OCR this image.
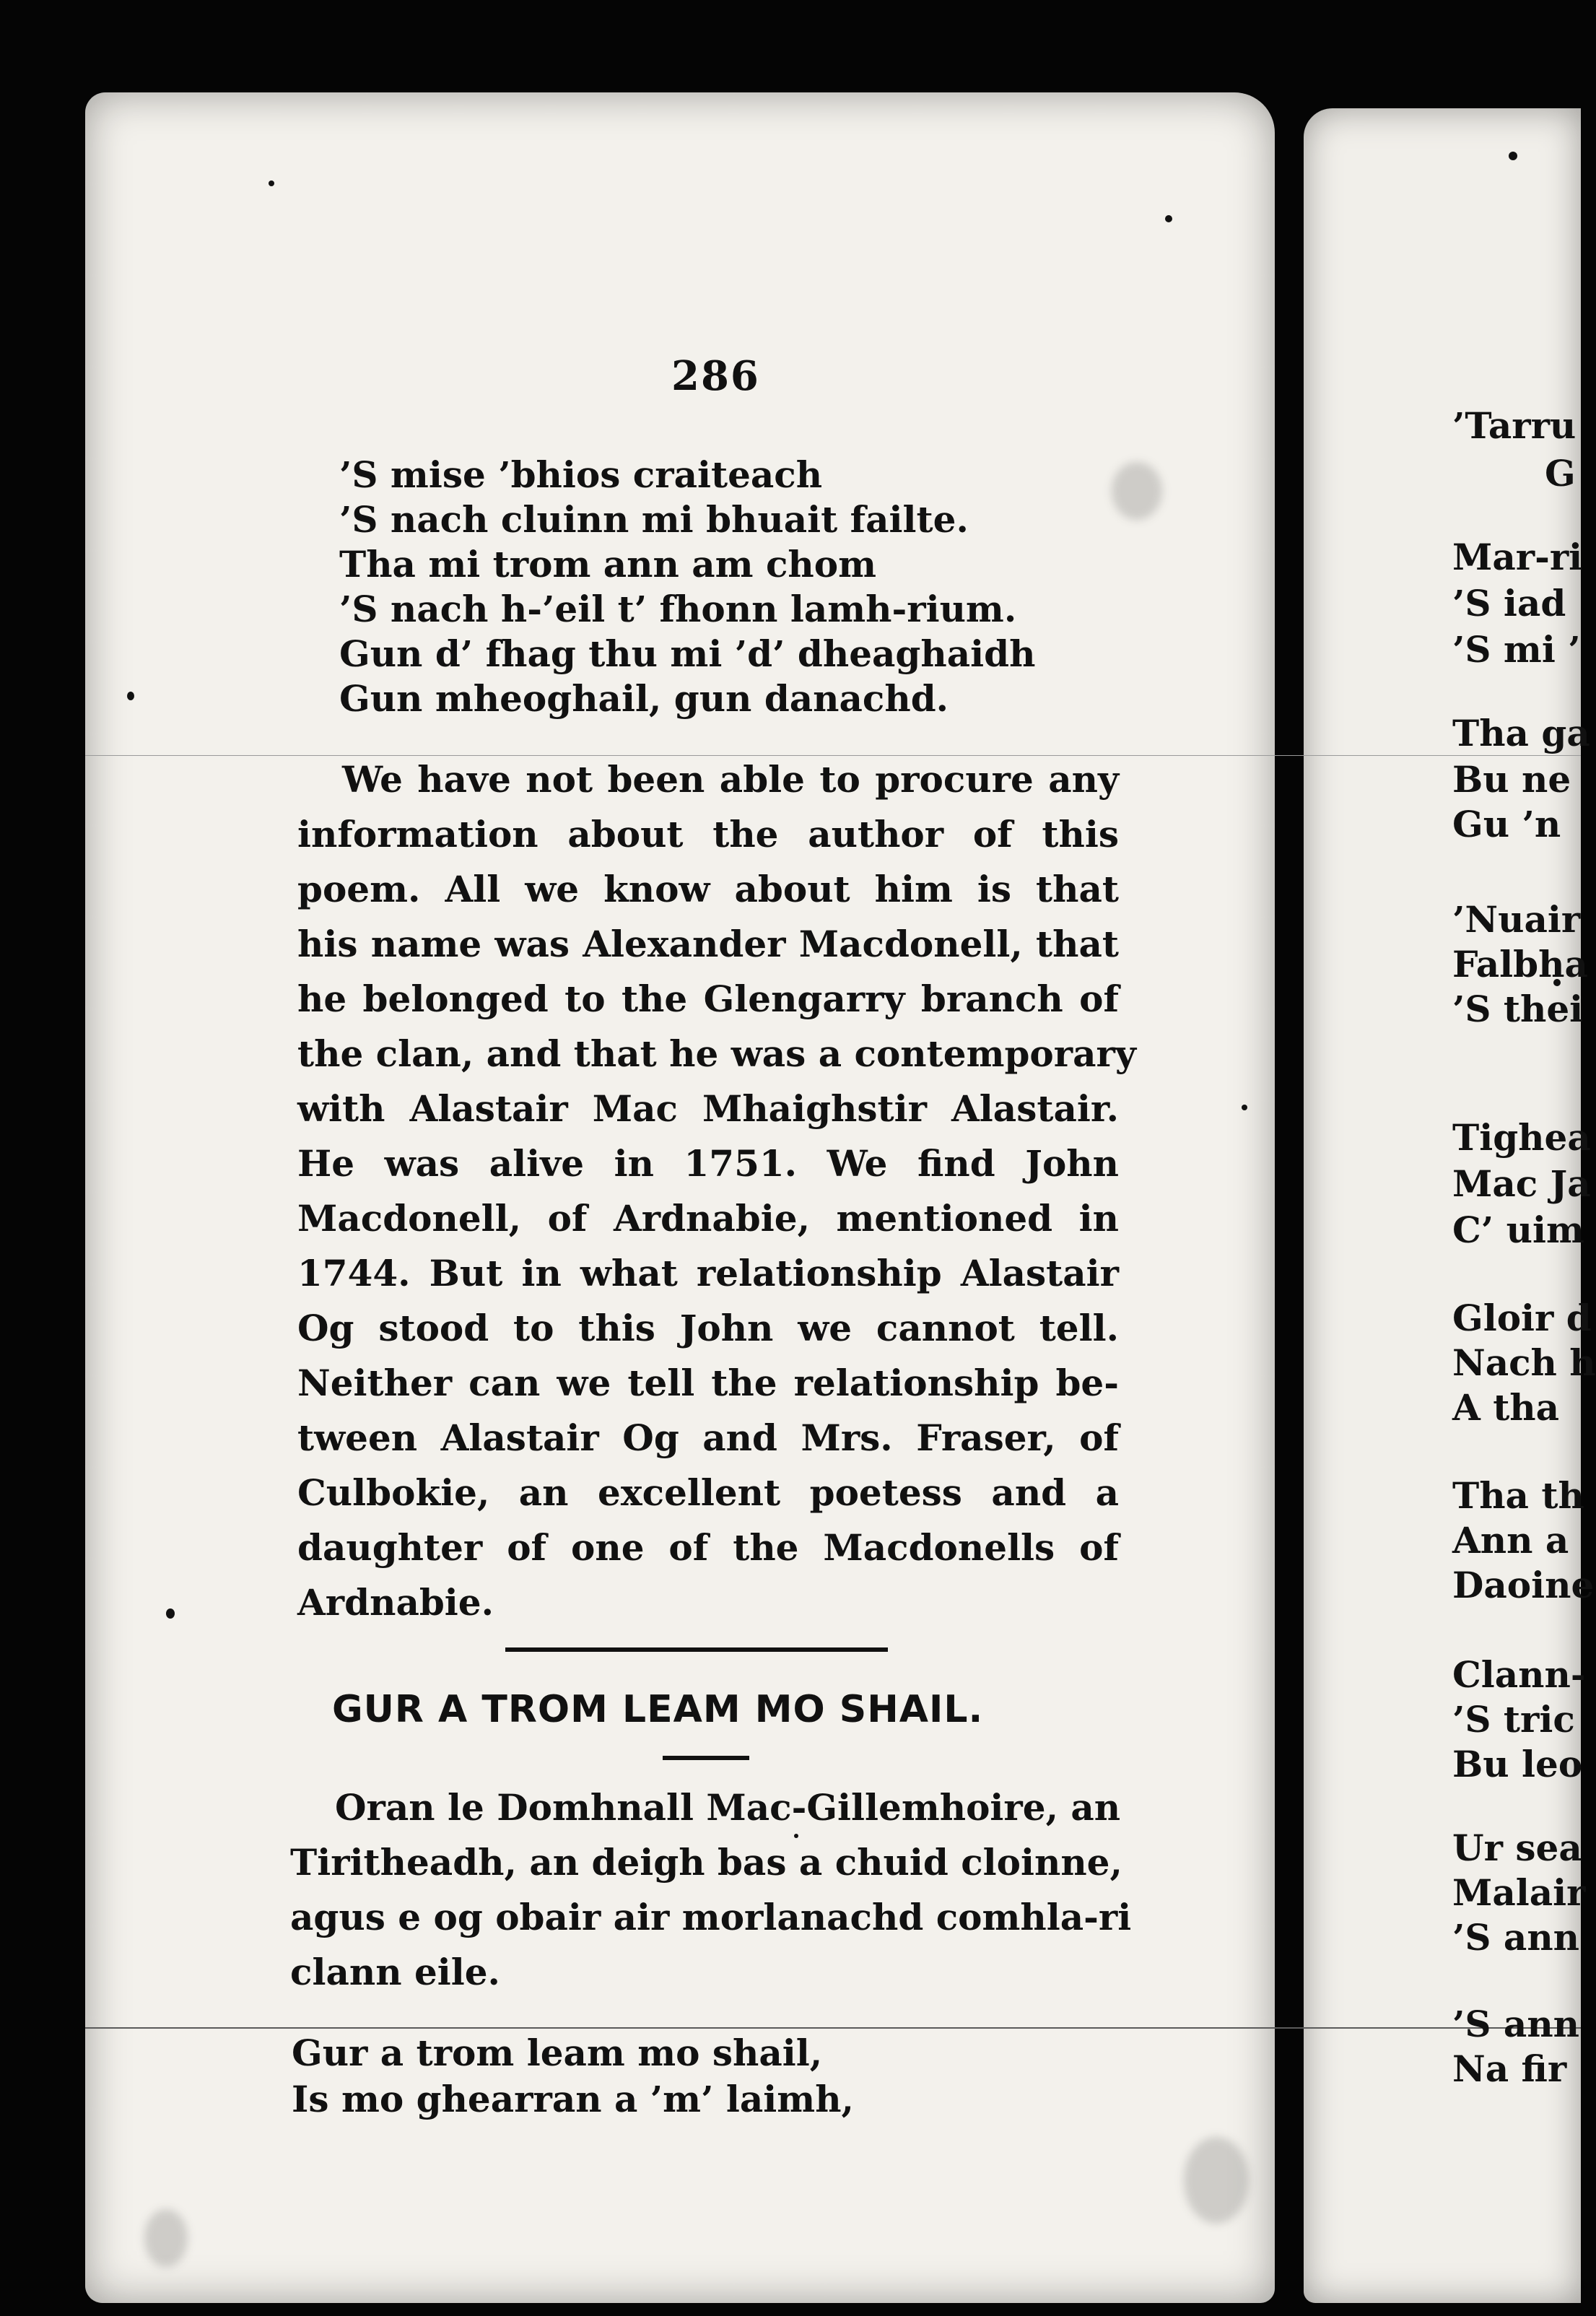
286
’S mise ’bhios craiteach
’S nach cluinn mi bhuait failte.
Tha mi trom ann am chom
’S nach h-’eil t’ fhonn lamh-rium.
Gun d’ fhag thu mi ’d’ dheaghaidh
Gun mheoghail, gun danachd.
We have not been able to procure any
information about the author of this
poem. All we know about him is that
his name was Alexander Macdonell, that
he belonged to the Glengarry branch of
the clan, and that he was a contemporary
with Alastair Mac Mhaighstir Alastair.
He was alive in 1751. We find John
Macdonell, of Ardnabie, mentioned in
1744. But in what relationship Alastair
Og stood to this John we cannot tell.
Neither can we tell the relationship be-
tween Alastair Og and Mrs. Fraser, of
Culbokie, an excellent poetess and a
daughter of one of the Macdonells of
Ardnabie.
GUR A TROM LEAM MO SHAIL.
Oran le Domhnall Mac-Gillemhoire, an
Tiritheadh, an deigh bas a chuid cloinne,
agus e og obair air morlanachd comhla-ri
clann eile.
Gur a trom leam mo shail,
Is mo ghearran a ’m’ laimh,
’Tarru
G
Mar-ri
’S iad
’S mi ’
Tha ga
Bu ne
Gu ’n
’Nuair
Falbha
’S thei
Tighea
Mac Ja
C’ uim
Gloir d
Nach h
A tha
Tha th
Ann a
Daoine
Clann-
’S tric
Bu leo
Ur sea
Malair
’S ann
’S ann
Na fir
